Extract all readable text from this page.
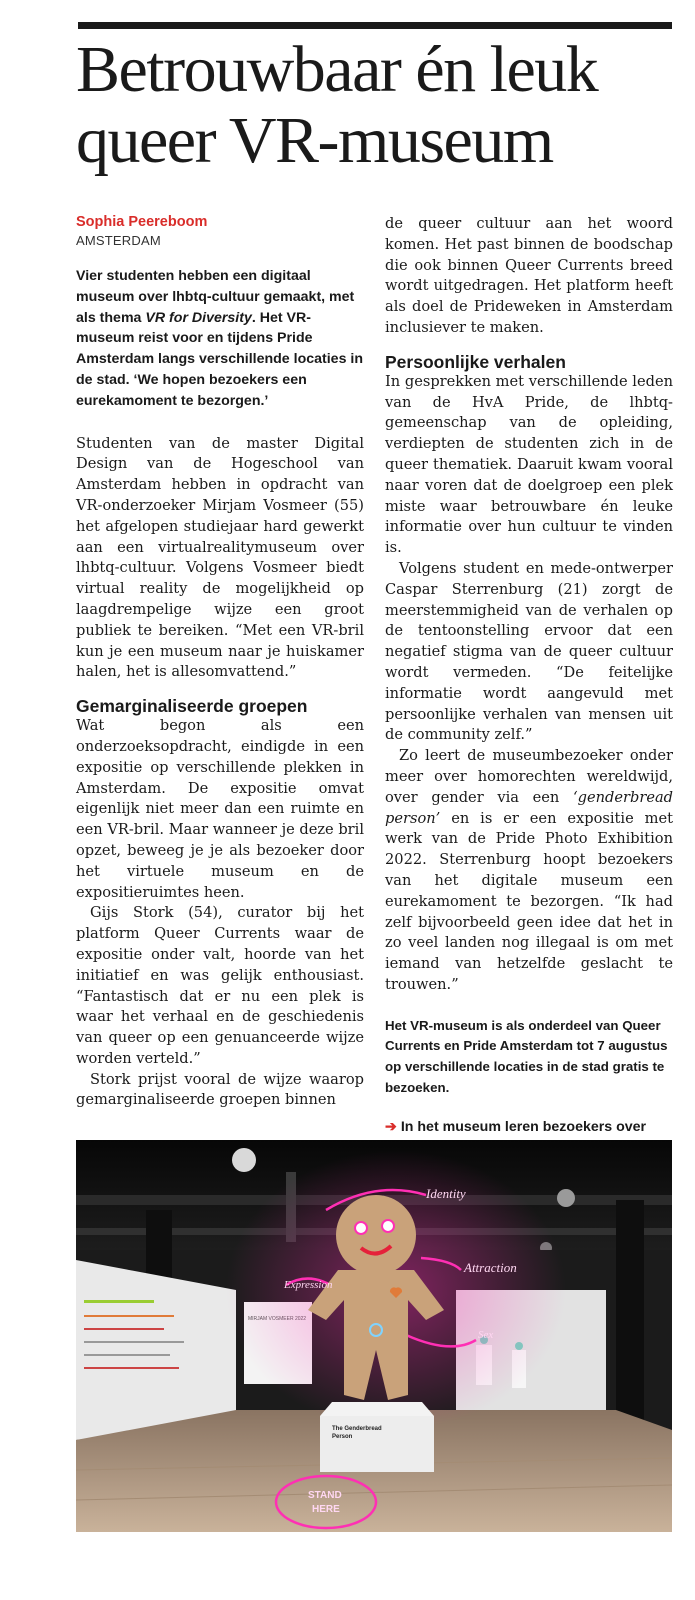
Betrouwbaar én leuk queer VR-museum
Sophia Peereboom
AMSTERDAM

Vier studenten hebben een digitaal museum over lhbtq-cultuur gemaakt, met als thema VR for Diversity. Het VR-museum reist voor en tijdens Pride Amsterdam langs verschillende locaties in de stad. ‘We hopen bezoekers een eurekamoment te bezorgen.’

Studenten van de master Digital Design van de Hogeschool van Amsterdam hebben in opdracht van VR-onderzoeker Mirjam Vosmeer (55) het afgelopen studiejaar hard gewerkt aan een virtualrealitymuseum over lhbtq-cultuur. Volgens Vosmeer biedt virtual reality de mogelijkheid op laagdrempelige wijze een groot publiek te bereiken. “Met een VR-bril kun je een museum naar je huiskamer halen, het is allesomvattend.”

Gemarginaliseerde groepen

Wat begon als een onderzoeksopdracht, eindigde in een expositie op verschillende plekken in Amsterdam. De expositie omvat eigenlijk niet meer dan een ruimte en een VR-bril. Maar wanneer je deze bril opzet, beweeg je je als bezoeker door het virtuele museum en de expositieruimtes heen.

Gijs Stork (54), curator bij het platform Queer Currents waar de expositie onder valt, hoorde van het initiatief en was gelijk enthousiast. “Fantastisch dat er nu een plek is waar het verhaal en de geschiedenis van queer op een genuanceerde wijze worden verteld.”

Stork prijst vooral de wijze waarop gemarginaliseerde groepen binnen

de queer cultuur aan het woord komen. Het past binnen de boodschap die ook binnen Queer Currents breed wordt uitgedragen. Het platform heeft als doel de Prideweken in Amsterdam inclusiever te maken.

Persoonlijke verhalen

In gesprekken met verschillende leden van de HvA Pride, de lhbtq-gemeenschap van de opleiding, verdiepten de studenten zich in de queer thematiek. Daaruit kwam vooral naar voren dat de doelgroep een plek miste waar betrouwbare én leuke informatie over hun cultuur te vinden is.

Volgens student en mede-ontwerper Caspar Sterrenburg (21) zorgt de meerstemmigheid van de verhalen op de tentoonstelling ervoor dat een negatief stigma van de queer cultuur wordt vermeden. “De feitelijke informatie wordt aangevuld met persoonlijke verhalen van mensen uit de community zelf.”

Zo leert de museumbezoeker onder meer over homorechten wereldwijd, over gender via een ‘genderbread person’ en is er een expositie met werk van de Pride Photo Exhibition 2022. Sterrenburg hoopt bezoekers van het digitale museum een eurekamoment te bezorgen. “Ik had zelf bijvoorbeeld geen idee dat het in zo veel landen nog illegaal is om met iemand van hetzelfde geslacht te trouwen.”

Het VR-museum is als onderdeel van Queer Currents en Pride Amsterdam tot 7 augustus op verschillende locaties in de stad gratis te bezoeken.

➔ In het museum leren bezoekers over

Identity
Expression
Attraction
Sex
The Genderbread
Person
STAND
HERE
